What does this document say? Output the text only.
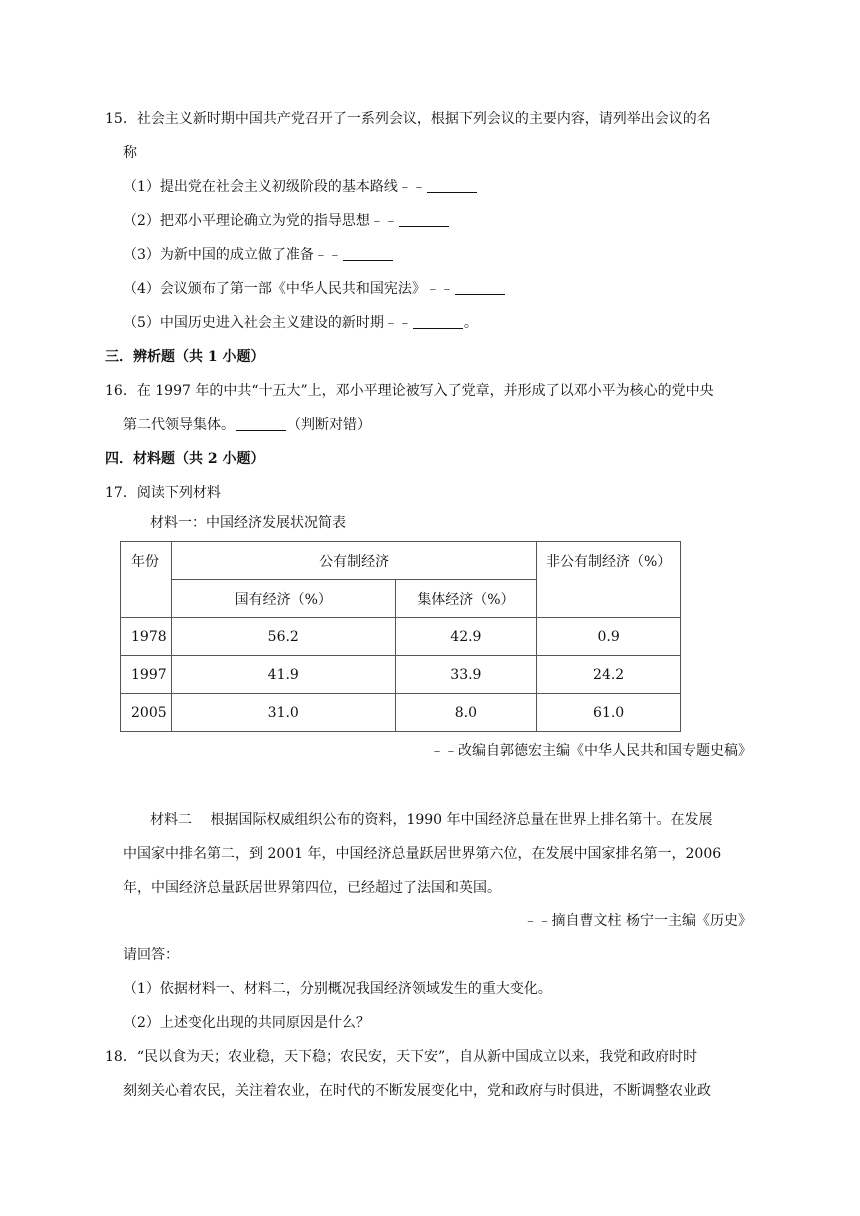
15．社会主义新时期中国共产党召开了一系列会议，根据下列会议的主要内容，请列举出会议的名
称
（1）提出党在社会主义初级阶段的基本路线﹣﹣
（2）把邓小平理论确立为党的指导思想﹣﹣
（3）为新中国的成立做了准备﹣﹣
（4）会议颁布了第一部《中华人民共和国宪法》﹣﹣
（5）中国历史进入社会主义建设的新时期﹣﹣	。
三．辨析题（共 1 小题）
16．在 1997 年的中共“十五大”上，邓小平理论被写入了党章，并形成了以邓小平为核心的党中央
第二代领导集体。	（判断对错）
四．材料题（共 2 小题）
17．阅读下列材料
材料一：中国经济发展状况简表
年份	公有制经济		非公有制经济（%）
	国有经济（%）	集体经济（%）	
1978	56.2	42.9	0.9
1997	41.9	33.9	24.2
2005	31.0	8.0	61.0
﹣﹣改编自郭德宏主编《中华人民共和国专题史稿》
材料二　 根据国际权威组织公布的资料，1990 年中国经济总量在世界上排名第十。在发展
中国家中排名第二，到 2001 年，中国经济总量跃居世界第六位，在发展中国家排名第一，2006
年，中国经济总量跃居世界第四位，已经超过了法国和英国。
﹣﹣摘自曹文柱 杨宁一主编《历史》
请回答：
（1）依据材料一、材料二，分别概况我国经济领域发生的重大变化。
（2）上述变化出现的共同原因是什么？
18．“民以食为天；农业稳，天下稳；农民安，天下安”，自从新中国成立以来，我党和政府时时
刻刻关心着农民，关注着农业，在时代的不断发展变化中，党和政府与时俱进，不断调整农业政
